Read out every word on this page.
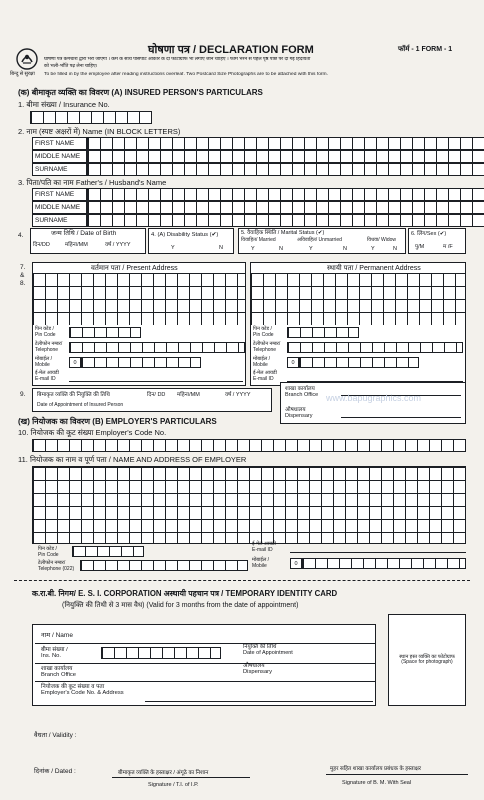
बिन्दु से सुरक्षा
घोषणा पत्र / DECLARATION FORM	फॉर्म - 1 FORM - 1
घोषणा पत्र कर्मचारी द्वारा भरा जाएगा । कर्म के साथ पासपोर्ट आकार के दो फोटोग्राफ भी लगाए जाने चाहिए । फार्म भरने से पहले पृष्ठ पीछे पर दी गई हिदायतों
को भली-भाँति पढ़ लेना चाहिए।
To be filled in by the employee after reading instructions overleaf. Two Postcard Size Photographs are to be attached with this form.
(क) बीमाकृत व्यक्ति का विवरण (A) INSURED PERSON'S PARTICULARS
1. बीमा संख्या / Insurance No.
2. नाम (स्पष्ट अक्षरों में) Name (IN BLOCK LETTERS)
FIRST NAME
MIDDLE NAME
SURNAME
3. पिता/पति का नाम Father's / Husband's Name
FIRST NAME
MIDDLE NAME
SURNAME
4.	जन्म तिथि / Date of Birth
दिन/DD	महिना/MM	वर्ष / YYYY
4. (A) Disability Status (✔)
Y	N
5. वैवाहिक स्थिति / Marital Status (✔)
विवाहित/ Married	अविवाहित/ Unmarried	विधवा/ Widow
Y	N	Y	N	Y	N
6. लिंग/Sex (✔)
पु/M	म /F
7.
&
8.
वर्तमान पता / Present Address
पिन कोड /
Pin Code
टेलीफोन नम्बर/
Telephone
मोबाईल /
Mobile	0
ई-मेल आयडी
E-mail ID
स्थायी पता / Permanent Address
पिन कोड /
Pin Code
टेलीफोन नम्बर/
Telephone
मोबाईल /
Mobile	0
ई-मेल आयडी
E-mail ID
9. बिमाकृत व्यक्ति की नियुक्ति की तिथि
Date of Appointment of Insured Person
दिन/ DD महिना/MM	वर्ष / YYYY
शाखा कार्यालय
Branch Office
औषधालय
Dispensary
www.bapugraphics.com
(ख) नियोजक का विवरण (B) EMPLOYER'S PARTICULARS
10. नियोजक की कूट संख्या Employer's Code No.
11. नियोजक का नाम व पूर्ण पता / NAME AND ADDRESS OF EMPLOYER
पिन कोड /
Pin Code
ई-मेल आयडी
E-mail ID
टेलीफोन नम्बर/
Telephone (022)
मोबाईल /
Mobile	0
क.रा.बी. निगम/ E. S. I. CORPORATION अस्थायी पहचान पत्र / TEMPORARY IDENTITY CARD
(नियुक्ति की तिथी से 3 मास वैध) (Valid for 3 months from the date of appointment)
नाम / Name
बीमा संख्या /
Ins. No.
नियुक्ति की तिथि
Date of Appointment
शाखा कार्यालय
Branch Office
औषधालय
Dispensary
नियोजक की कूट संख्या व पता
Employer's Code No. & Address
स्थान हस्त व्यक्ति का फोटोग्राफ
(Space for photograph)
वैधता / Validity :
दिनांक / Dated :	बीमाकृत व्यक्ति के हस्ताक्षर / अंगूठे का निशान
Signature / T.I. of I.P.
मुहर सहित शाखा कार्यालय प्रबंधक के हस्ताक्षर
Signature of B. M. With Seal
